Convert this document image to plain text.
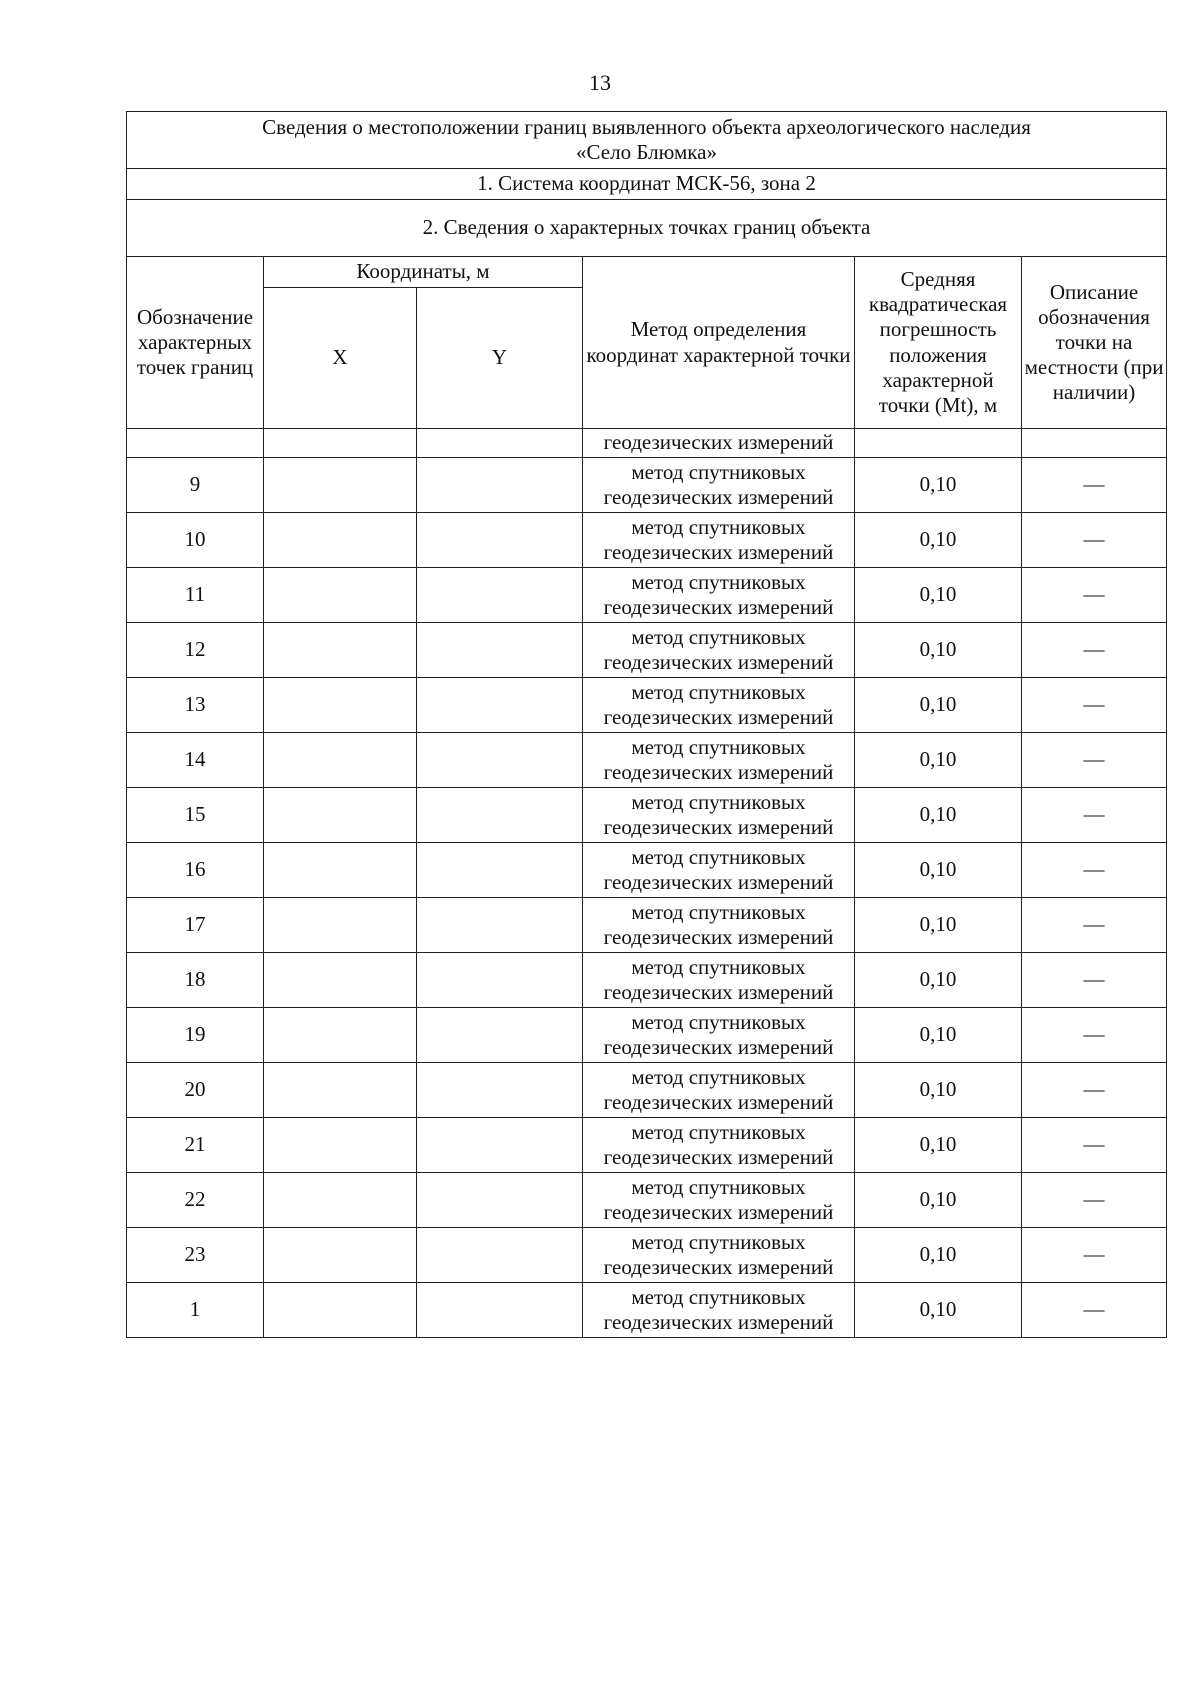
13
Сведения о местоположении границ выявленного объекта археологического наследия
«Село Блюмка»					

1. Система координат МСК-56, зона 2					
2. Сведения о характерных точках границ объекта					

Обозначение характерных точек границ	Координаты, м		Метод определения координат характерной точки	Средняя квадратическая погрешность положения характерной точки (Mt), м	Описание обозначения точки на местности (при наличии)

	X	Y			

			геодезических измерений		

9			метод спутниковых
геодезических измерений	0,10	—
10			метод спутниковых
геодезических измерений	0,10	—
11			метод спутниковых
геодезических измерений	0,10	—
12			метод спутниковых
геодезических измерений	0,10	—
13			метод спутниковых
геодезических измерений	0,10	—
14			метод спутниковых
геодезических измерений	0,10	—
15			метод спутниковых
геодезических измерений	0,10	—
16			метод спутниковых
геодезических измерений	0,10	—
17			метод спутниковых
геодезических измерений	0,10	—
18			метод спутниковых
геодезических измерений	0,10	—
19			метод спутниковых
геодезических измерений	0,10	—
20			метод спутниковых
геодезических измерений	0,10	—
21			метод спутниковых
геодезических измерений	0,10	—
22			метод спутниковых
геодезических измерений	0,10	—
23			метод спутниковых
геодезических измерений	0,10	—
1			метод спутниковых
геодезических измерений	0,10	—
